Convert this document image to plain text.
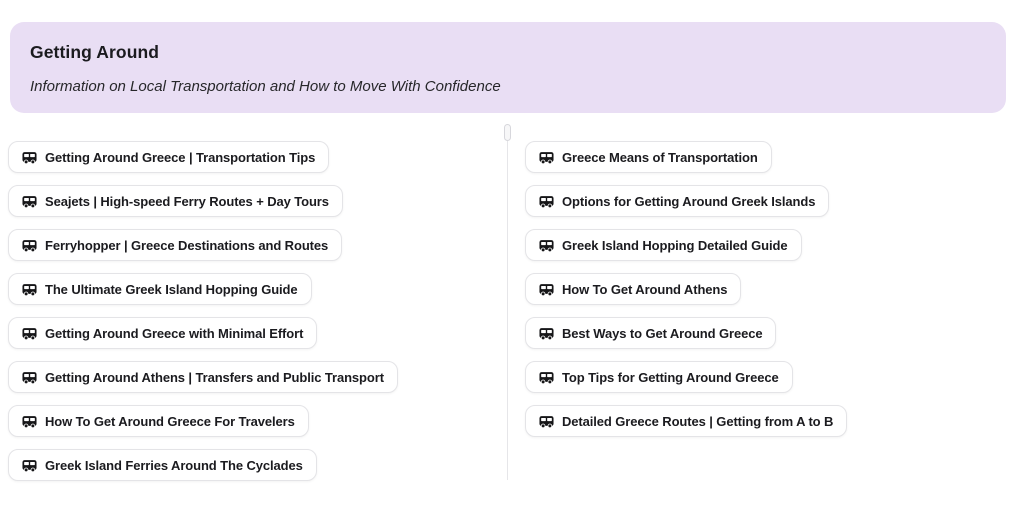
Getting Around

Information on Local Transportation and How to Move With Confidence

Getting Around Greece | Transportation Tips
Seajets | High-speed Ferry Routes + Day Tours
Ferryhopper | Greece Destinations and Routes
The Ultimate Greek Island Hopping Guide
Getting Around Greece with Minimal Effort
Getting Around Athens | Transfers and Public Transport
How To Get Around Greece For Travelers
Greek Island Ferries Around The Cyclades
Greece Means of Transportation
Options for Getting Around Greek Islands
Greek Island Hopping Detailed Guide
How To Get Around Athens
Best Ways to Get Around Greece
Top Tips for Getting Around Greece
Detailed Greece Routes | Getting from A to B
